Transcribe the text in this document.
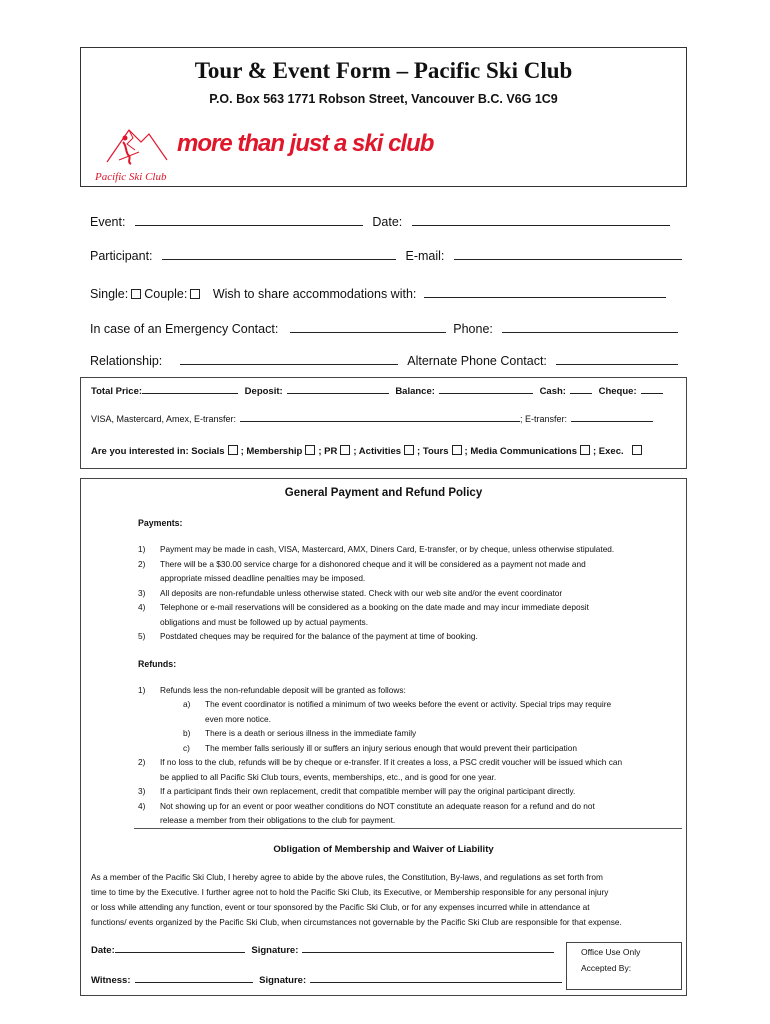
Tour & Event Form – Pacific Ski Club
P.O. Box 563 1771 Robson Street, Vancouver B.C. V6G 1C9
Pacific Ski Club
more than just a ski club
Event:	Date:
Participant:	E-mail:
Single: Couple: Wish to share accommodations with:
In case of an Emergency Contact:	Phone:
Relationship:	Alternate Phone Contact:
Total Price:	Deposit:	Balance:	Cash:	Cheque:
VISA, Mastercard, Amex, E-transfer:	; E-transfer:
Are you interested in: Socials ; Membership ; PR ; Activities ; Tours ; Media Communications ; Exec.
General Payment and Refund Policy
Payments:
Refunds:
1) Refunds less the non-refundable deposit will be granted as follows:
Obligation of Membership and Waiver of Liability
Date:	Signature:
Witness:	Signature:
1) Payment may be made in cash, VISA, Mastercard, AMX, Diners Card, E-transfer, or by cheque, unless otherwise stipulated.
2) There will be a $30.00 service charge for a dishonored cheque and it will be considered as a payment not made and
appropriate missed deadline penalties may be imposed.
3) All deposits are non-refundable unless otherwise stated. Check with our web site and/or the event coordinator
4) Telephone or e-mail reservations will be considered as a booking on the date made and may incur immediate deposit
obligations and must be followed up by actual payments.
5) Postdated cheques may be required for the balance of the payment at time of booking.
a) The event coordinator is notified a minimum of two weeks before the event or activity. Special trips may require
even more notice.
b) There is a death or serious illness in the immediate family
c) The member falls seriously ill or suffers an injury serious enough that would prevent their participation
2) If no loss to the club, refunds will be by cheque or e-transfer. If it creates a loss, a PSC credit voucher will be issued which can
be applied to all Pacific Ski Club tours, events, memberships, etc., and is good for one year.
3) If a participant finds their own replacement, credit that compatible member will pay the original participant directly.
4) Not showing up for an event or poor weather conditions do NOT constitute an adequate reason for a refund and do not
release a member from their obligations to the club for payment.
As a member of the Pacific Ski Club, I hereby agree to abide by the above rules, the Constitution, By-laws, and regulations as set forth from
time to time by the Executive. I further agree not to hold the Pacific Ski Club, its Executive, or Membership responsible for any personal injury
or loss while attending any function, event or tour sponsored by the Pacific Ski Club, or for any expenses incurred while in attendance at
functions/ events organized by the Pacific Ski Club, when circumstances not governable by the Pacific Ski Club are responsible for that expense.
Office Use Only
Accepted By:
